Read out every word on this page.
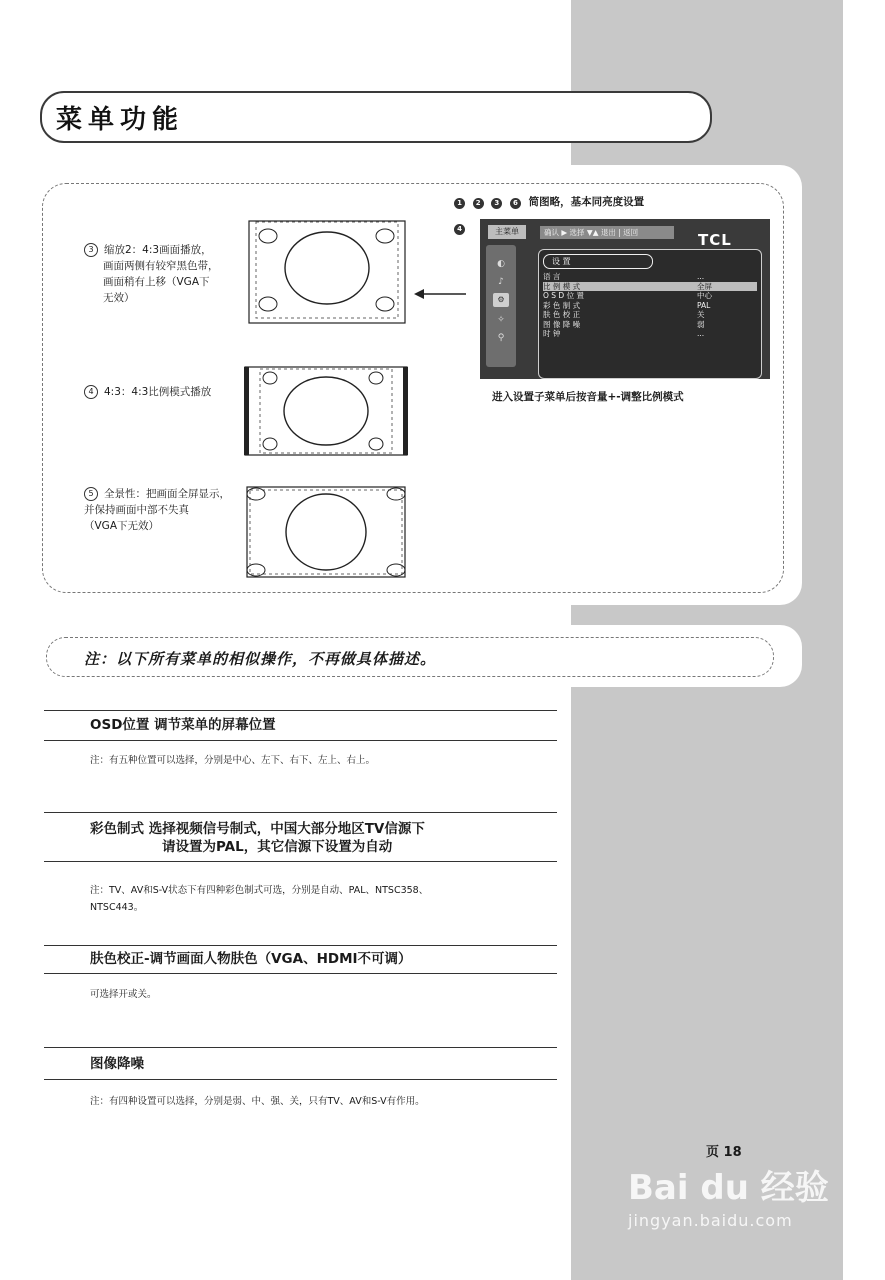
菜单功能
3 缩放2：4:3画面播放，
画面两侧有较窄黑色带，
画面稍有上移（VGA下
无效）
4 4:3：4:3比例模式播放
5 全景性：把画面全屏显示，
并保持画面中部不失真
（VGA下无效）
1 2 3 6 简图略，基本同亮度设置
4	主菜单	确认 ▶ 选择 ▼▲ 退出 | 返回	TCL
◐
♪
⚙
✧
⚲
设 置
语 言	...
比 例 模 式	全屏
O S D 位 置	中心
彩 色 制 式	PAL
肤 色 校 正	关
图 像 降 噪	弱
时 钟	...
进入设置子菜单后按音量+-调整比例模式
注：以下所有菜单的相似操作，不再做具体描述。
OSD位置 调节菜单的屏幕位置
注：有五种位置可以选择，分别是中心、左下、右下、左上、右上。
彩色制式 选择视频信号制式，中国大部分地区TV信源下
请设置为PAL，其它信源下设置为自动
注：TV、AV和S-V状态下有四种彩色制式可选，分别是自动、PAL、NTSC358、
NTSC443。
肤色校正-调节画面人物肤色（VGA、HDMI不可调）
可选择开或关。
图像降噪
注：有四种设置可以选择，分别是弱、中、强、关，只有TV、AV和S-V有作用。
页 18
Bai du 经验
jingyan.baidu.com
